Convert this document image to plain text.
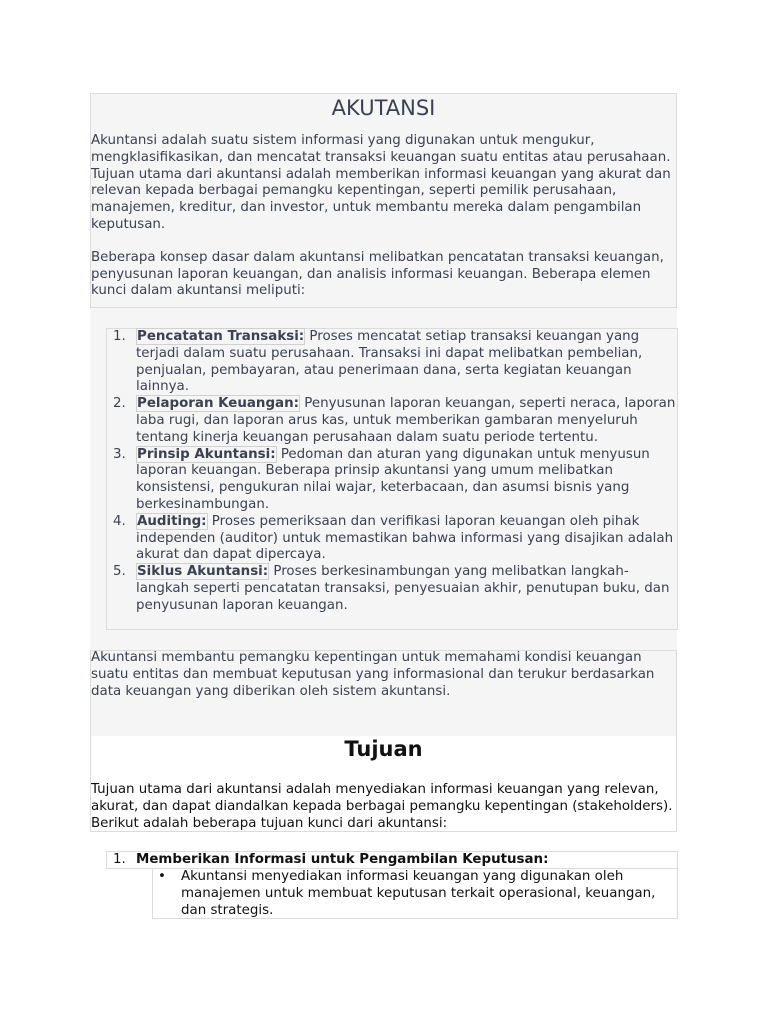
AKUTANSI

Akuntansi adalah suatu sistem informasi yang digunakan untuk mengukur, mengklasifikasikan, dan mencatat transaksi keuangan suatu entitas atau perusahaan. Tujuan utama dari akuntansi adalah memberikan informasi keuangan yang akurat dan relevan kepada berbagai pemangku kepentingan, seperti pemilik perusahaan, manajemen, kreditur, dan investor, untuk membantu mereka dalam pengambilan keputusan.

Beberapa konsep dasar dalam akuntansi melibatkan pencatatan transaksi keuangan, penyusunan laporan keuangan, dan analisis informasi keuangan. Beberapa elemen kunci dalam akuntansi meliputi:

1. Pencatatan Transaksi: Proses mencatat setiap transaksi keuangan yang terjadi dalam suatu perusahaan. Transaksi ini dapat melibatkan pembelian, penjualan, pembayaran, atau penerimaan dana, serta kegiatan keuangan lainnya.
2. Pelaporan Keuangan: Penyusunan laporan keuangan, seperti neraca, laporan laba rugi, dan laporan arus kas, untuk memberikan gambaran menyeluruh tentang kinerja keuangan perusahaan dalam suatu periode tertentu.
3. Prinsip Akuntansi: Pedoman dan aturan yang digunakan untuk menyusun laporan keuangan. Beberapa prinsip akuntansi yang umum melibatkan konsistensi, pengukuran nilai wajar, keterbacaan, dan asumsi bisnis yang berkesinambungan.
4. Auditing: Proses pemeriksaan dan verifikasi laporan keuangan oleh pihak independen (auditor) untuk memastikan bahwa informasi yang disajikan adalah akurat dan dapat dipercaya.
5. Siklus Akuntansi: Proses berkesinambungan yang melibatkan langkah-langkah seperti pencatatan transaksi, penyesuaian akhir, penutupan buku, dan penyusunan laporan keuangan.

Akuntansi membantu pemangku kepentingan untuk memahami kondisi keuangan suatu entitas dan membuat keputusan yang informasional dan terukur berdasarkan data keuangan yang diberikan oleh sistem akuntansi.

Tujuan

Tujuan utama dari akuntansi adalah menyediakan informasi keuangan yang relevan, akurat, dan dapat diandalkan kepada berbagai pemangku kepentingan (stakeholders). Berikut adalah beberapa tujuan kunci dari akuntansi:

1. Memberikan Informasi untuk Pengambilan Keputusan:
• Akuntansi menyediakan informasi keuangan yang digunakan oleh manajemen untuk membuat keputusan terkait operasional, keuangan, dan strategis.
